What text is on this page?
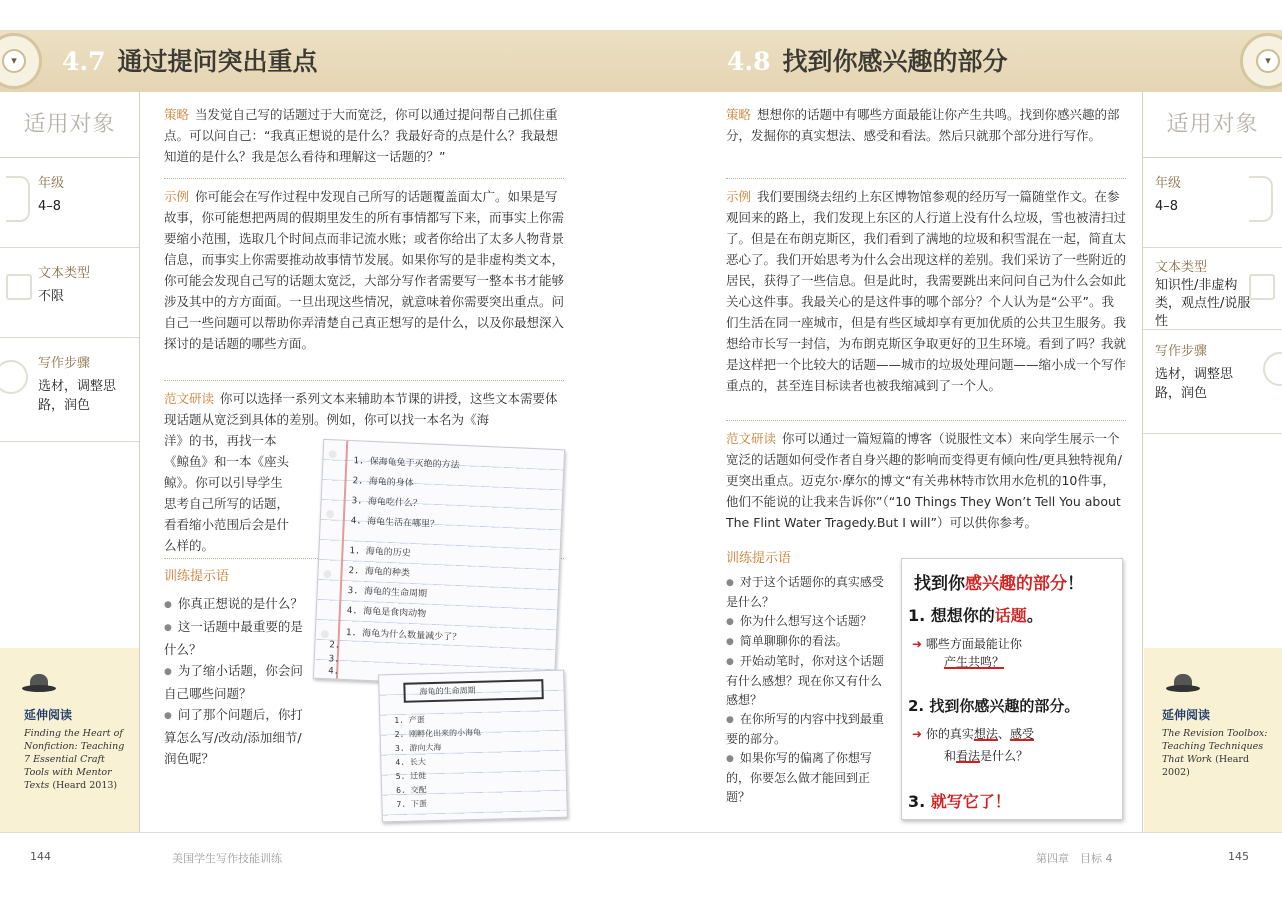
▾	4.7 通过提问突出重点	▾
4.8 找到你感兴趣的部分
适用对象
年级
4–8
文本类型
不限
写作步骤
选材，调整思路，润色
延伸阅读
Finding the Heart of Nonfiction: Teaching 7 Essential Craft Tools with Mentor Texts (Heard 2013)
适用对象
年级
4–8
文本类型
知识性/非虚构类，观点性/说服性
写作步骤
选材，调整思路，润色
延伸阅读
The Revision Toolbox: Teaching Techniques That Work (Heard 2002)
策略 当发觉自己写的话题过于大而宽泛，你可以通过提问帮自己抓住重点。可以问自己：“我真正想说的是什么？我最好奇的点是什么？我最想知道的是什么？我是怎么看待和理解这一话题的？”
示例 你可能会在写作过程中发现自己所写的话题覆盖面太广。如果是写故事，你可能想把两周的假期里发生的所有事情都写下来，而事实上你需要缩小范围，选取几个时间点而非记流水账；或者你给出了太多人物背景信息，而事实上你需要推动故事情节发展。如果你写的是非虚构类文本，你可能会发现自己写的话题太宽泛，大部分写作者需要写一整本书才能够涉及其中的方方面面。一旦出现这些情况，就意味着你需要突出重点。问自己一些问题可以帮助你弄清楚自己真正想写的是什么，以及你最想深入探讨的是话题的哪些方面。
范文研读 你可以选择一系列文本来辅助本节课的讲授，这些文本需要体现话题从宽泛到具体的差别。例如，你可以找一本名为《海
洋》的书，再找一本
《鲸鱼》和一本《座头
鲸》。你可以引导学生
思考自己所写的话题，
看看缩小范围后会是什
么样的。
训练提示语
● 你真正想说的是什么？
● 这一话题中最重要的是什么？
● 为了缩小话题，你会问自己哪些问题？
● 问了那个问题后，你打算怎么写/改动/添加细节/润色呢？
1. 保海龟免于灭绝的方法
2. 海龟的身体
3. 海龟吃什么？
4. 海龟生活在哪里？
1. 海龟的历史
2. 海龟的种类
3. 海龟的生命周期
4. 海龟是食肉动物
1. 海龟为什么数量减少了？
2.
3.
4.
海龟的生命周期
1. 产蛋
2. 刚孵化出来的小海龟
3. 游向大海
4. 长大
5. 迁徙
6. 交配
7. 下蛋
策略 想想你的话题中有哪些方面最能让你产生共鸣。找到你感兴趣的部分，发掘你的真实想法、感受和看法。然后只就那个部分进行写作。
示例 我们要围绕去纽约上东区博物馆参观的经历写一篇随堂作文。在参观回来的路上，我们发现上东区的人行道上没有什么垃圾，雪也被清扫过了。但是在布朗克斯区，我们看到了满地的垃圾和积雪混在一起，简直太恶心了。我们开始思考为什么会出现这样的差别。我们采访了一些附近的居民，获得了一些信息。但是此时，我需要跳出来问问自己为什么会如此关心这件事。我最关心的是这件事的哪个部分？个人认为是“公平”。我们生活在同一座城市，但是有些区域却享有更加优质的公共卫生服务。我想给市长写一封信，为布朗克斯区争取更好的卫生环境。看到了吗？我就是这样把一个比较大的话题——城市的垃圾处理问题——缩小成一个写作重点的，甚至连目标读者也被我缩减到了一个人。
范文研读 你可以通过一篇短篇的博客（说服性文本）来向学生展示一个宽泛的话题如何受作者自身兴趣的影响而变得更有倾向性/更具独特视角/更突出重点。迈克尔·摩尔的博文“有关弗林特市饮用水危机的10件事，他们不能说的让我来告诉你”（“10 Things They Won’t Tell You about The Flint Water Tragedy.But I will”）可以供你参考。
训练提示语
● 对于这个话题你的真实感受是什么？
● 你为什么想写这个话题？
● 简单聊聊你的看法。
● 开始动笔时，你对这个话题有什么感想？现在你又有什么感想？
● 在你所写的内容中找到最重要的部分。
● 如果你写的偏离了你想写的，你要怎么做才能回到正题？
找到你感兴趣的部分！
1. 想想你的话题。
➜ 哪些方面最能让你
产生共鸣？
2. 找到你感兴趣的部分。
➜ 你的真实想法、感受
和看法是什么？
3. 就写它了！
144	美国学生写作技能训练	第四章　目标 4	145
